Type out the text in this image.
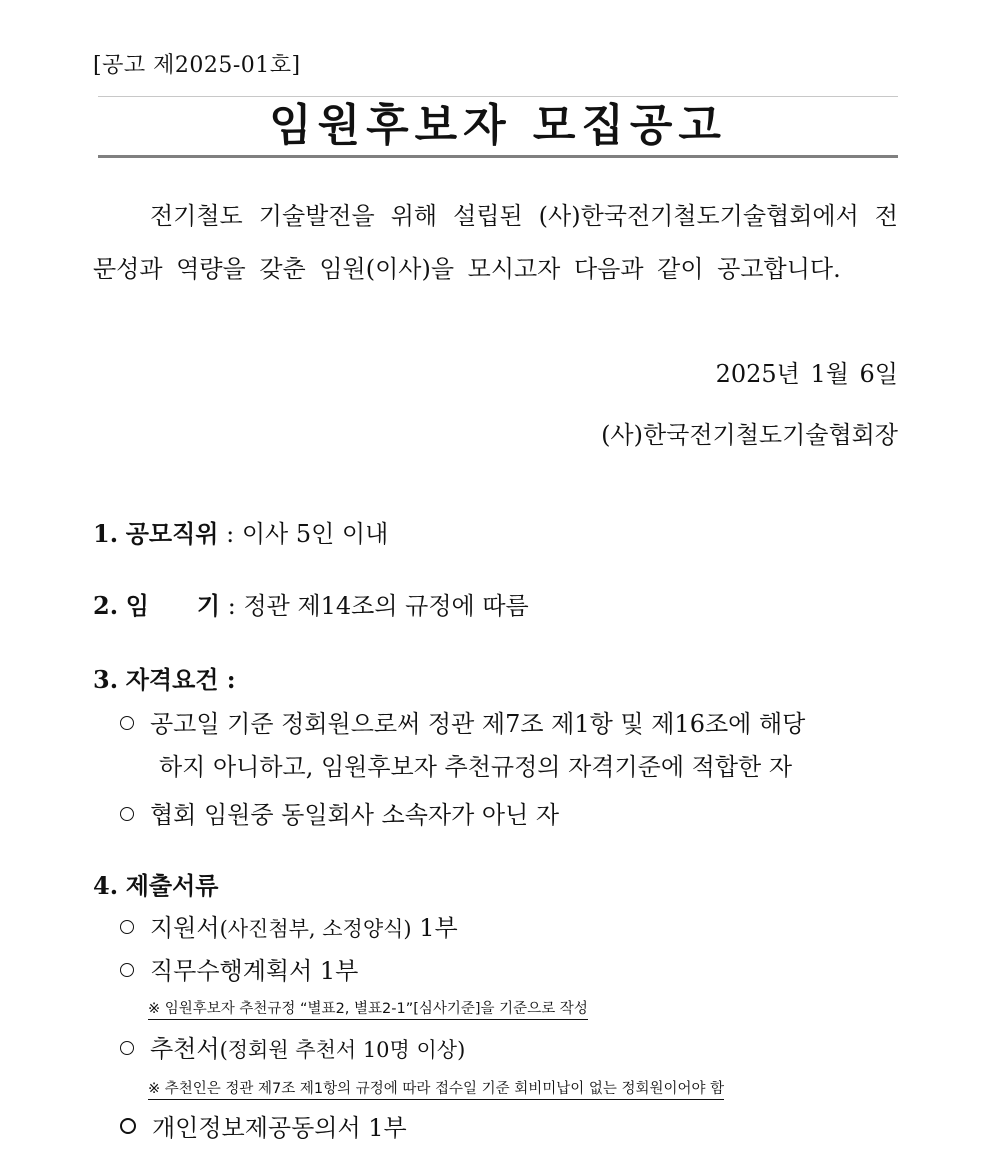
[공고 제2025-01호]
임원후보자 모집공고

전기철도 기술발전을 위해 설립된 (사)한국전기철도기술협회에서 전문성과 역량을 갖춘 임원(이사)을 모시고자 다음과 같이 공고합니다.

2025년 1월 6일
(사)한국전기철도기술협회장
1. 공모직위 : 이사 5인 이내
2. 임 기 : 정관 제14조의 규정에 따름
3. 자격요건 :
공고일 기준 정회원으로써 정관 제7조 제1항 및 제16조에 해당
하지 아니하고, 임원후보자 추천규정의 자격기준에 적합한 자
협회 임원중 동일회사 소속자가 아닌 자
4. 제출서류
지원서(사진첨부, 소정양식) 1부
직무수행계획서 1부
※ 임원후보자 추천규정 “별표2, 별표2-1”[심사기준]을 기준으로 작성
추천서(정회원 추천서 10명 이상)
※ 추천인은 정관 제7조 제1항의 규정에 따라 접수일 기준 회비미납이 없는 정회원이어야 함
개인정보제공동의서 1부
